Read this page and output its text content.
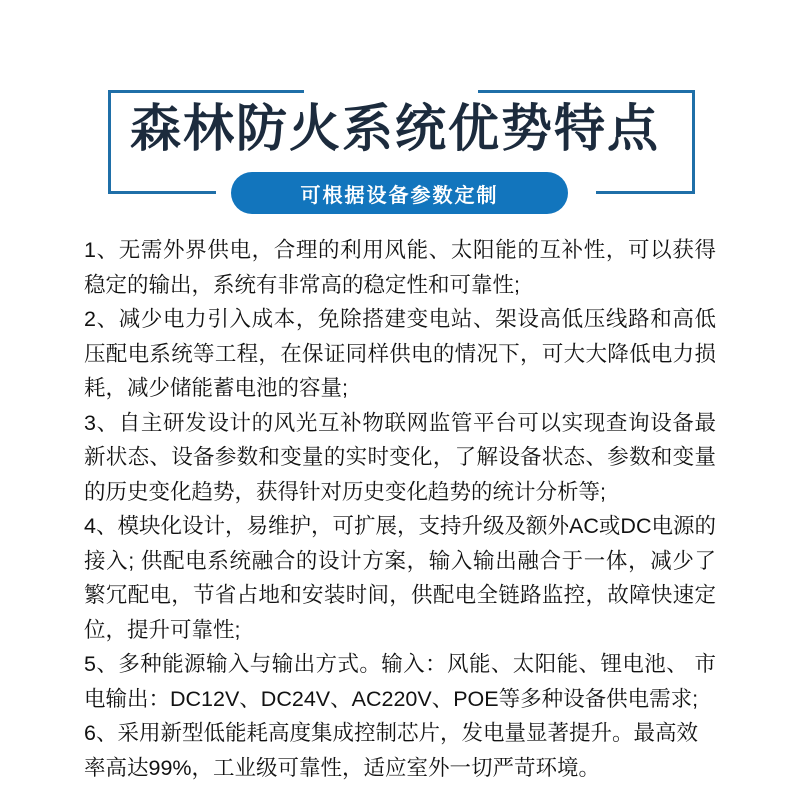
森林防火系统优势特点
可根据设备参数定制

1、无需外界供电，合理的利用风能、太阳能的互补性，可以获得稳定的输出，系统有非常高的稳定性和可靠性;

2、减少电力引入成本，免除搭建变电站、架设高低压线路和高低压配电系统等工程，在保证同样供电的情况下，可大大降低电力损耗，减少储能蓄电池的容量;

3、自主研发设计的风光互补物联网监管平台可以实现查询设备最新状态、设备参数和变量的实时变化，了解设备状态、参数和变量的历史变化趋势，获得针对历史变化趋势的统计分析等;

4、模块化设计，易维护，可扩展，支持升级及额外AC或DC电源的接入; 供配电系统融合的设计方案，输入输出融合于一体，减少了繁冗配电，节省占地和安装时间，供配电全链路监控，故障快速定位，提升可靠性;

5、多种能源输入与输出方式。输入：风能、太阳能、锂电池、 市电输出：DC12V、DC24V、AC220V、POE等多种设备供电需求;

6、采用新型低能耗高度集成控制芯片，发电量显著提升。最高效率高达99%，工业级可靠性，适应室外一切严苛环境。
